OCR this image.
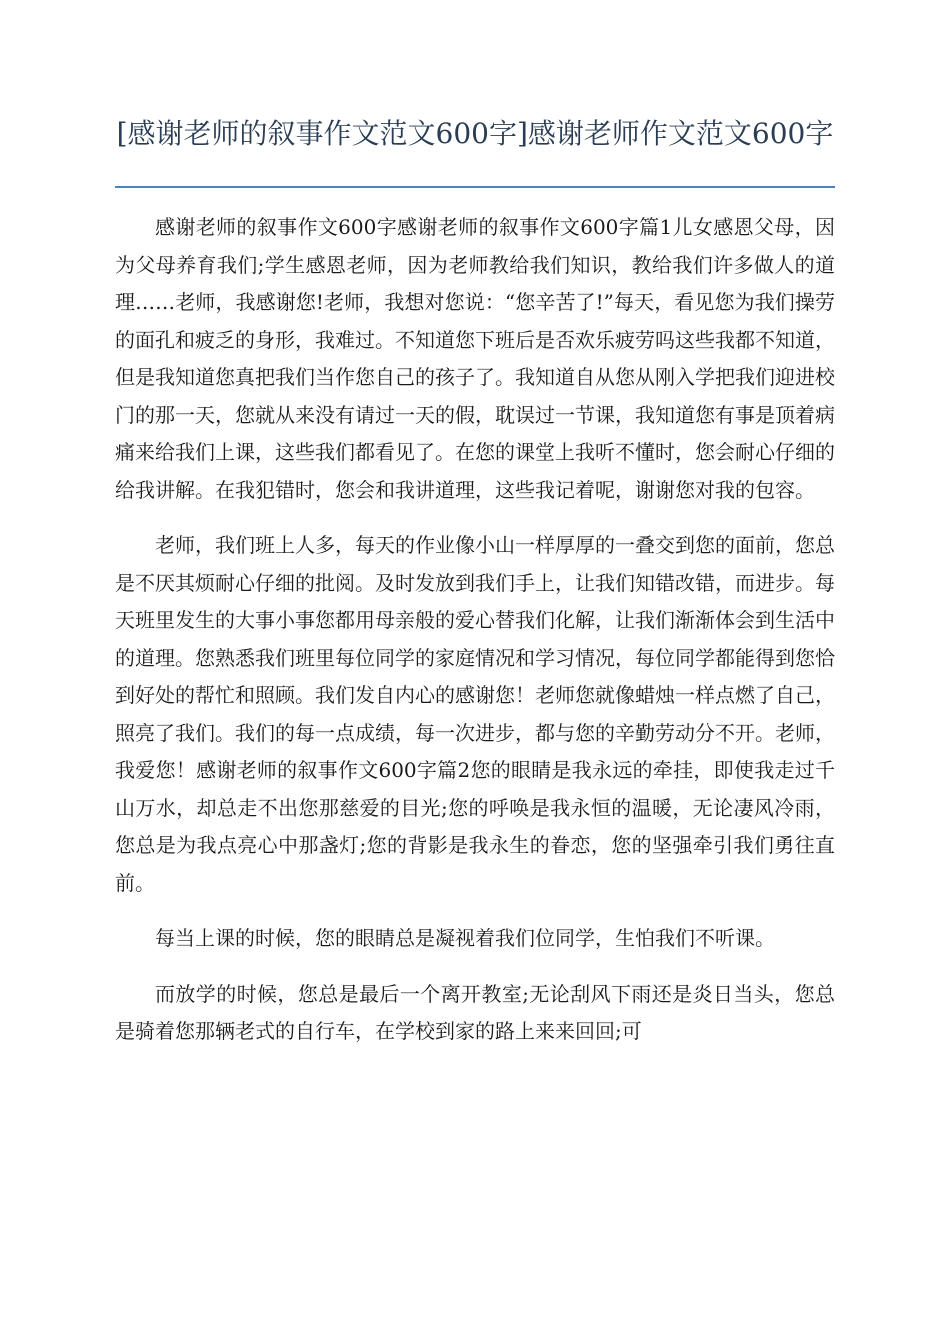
[感谢老师的叙事作文范文600字]感谢老师作文范文600字

感谢老师的叙事作文600字感谢老师的叙事作文600字篇1儿女感恩父母，因为父母养育我们;学生感恩老师，因为老师教给我们知识，教给我们许多做人的道理……老师，我感谢您!老师，我想对您说：“您辛苦了!”每天，看见您为我们操劳的面孔和疲乏的身形，我难过。不知道您下班后是否欢乐疲劳吗这些我都不知道，但是我知道您真把我们当作您自己的孩子了。我知道自从您从刚入学把我们迎进校门的那一天，您就从来没有请过一天的假，耽误过一节课，我知道您有事是顶着病痛来给我们上课，这些我们都看见了。在您的课堂上我听不懂时，您会耐心仔细的给我讲解。在我犯错时，您会和我讲道理，这些我记着呢，谢谢您对我的包容。

老师，我们班上人多，每天的作业像小山一样厚厚的一叠交到您的面前，您总是不厌其烦耐心仔细的批阅。及时发放到我们手上，让我们知错改错，而进步。每天班里发生的大事小事您都用母亲般的爱心替我们化解，让我们渐渐体会到生活中的道理。您熟悉我们班里每位同学的家庭情况和学习情况，每位同学都能得到您恰到好处的帮忙和照顾。我们发自内心的感谢您！老师您就像蜡烛一样点燃了自己，照亮了我们。我们的每一点成绩，每一次进步，都与您的辛勤劳动分不开。老师，我爱您！感谢老师的叙事作文600字篇2您的眼睛是我永远的牵挂，即使我走过千山万水，却总走不出您那慈爱的目光;您的呼唤是我永恒的温暖，无论凄风冷雨，您总是为我点亮心中那盏灯;您的背影是我永生的眷恋，您的坚强牵引我们勇往直前。

每当上课的时候，您的眼睛总是凝视着我们位同学，生怕我们不听课。

而放学的时候，您总是最后一个离开教室;无论刮风下雨还是炎日当头，您总是骑着您那辆老式的自行车，在学校到家的路上来来回回;可
